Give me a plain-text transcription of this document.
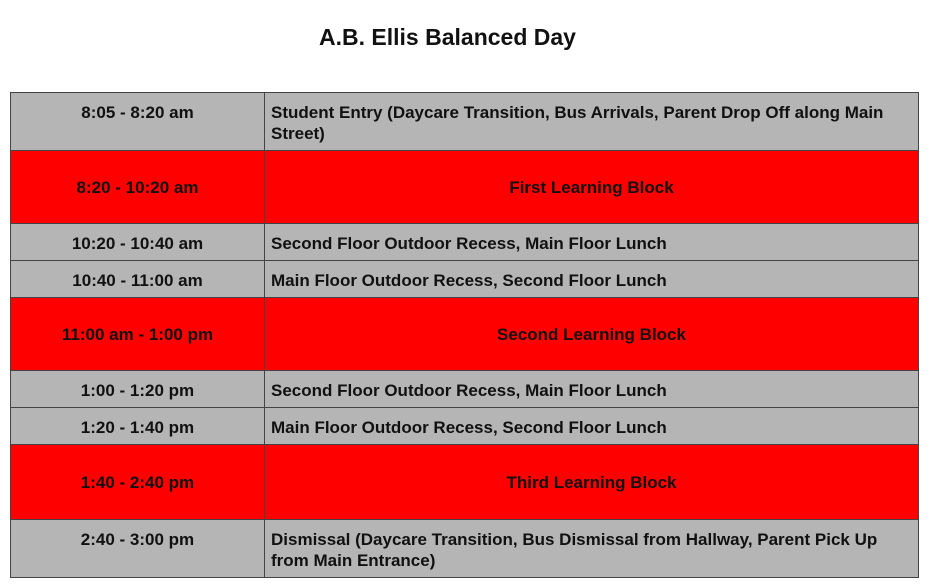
A.B. Ellis Balanced Day
8:05 - 8:20 am	Student Entry (Daycare Transition, Bus Arrivals, Parent Drop Off along Main Street)
8:20 - 10:20 am	First Learning Block
10:20 - 10:40 am	Second Floor Outdoor Recess, Main Floor Lunch
10:40 - 11:00 am	Main Floor Outdoor Recess, Second Floor Lunch
11:00 am - 1:00 pm	Second Learning Block
1:00 - 1:20 pm	Second Floor Outdoor Recess, Main Floor Lunch
1:20 - 1:40 pm	Main Floor Outdoor Recess, Second Floor Lunch
1:40 - 2:40 pm	Third Learning Block
2:40 - 3:00 pm	Dismissal (Daycare Transition, Bus Dismissal from Hallway, Parent Pick Up from Main Entrance)
